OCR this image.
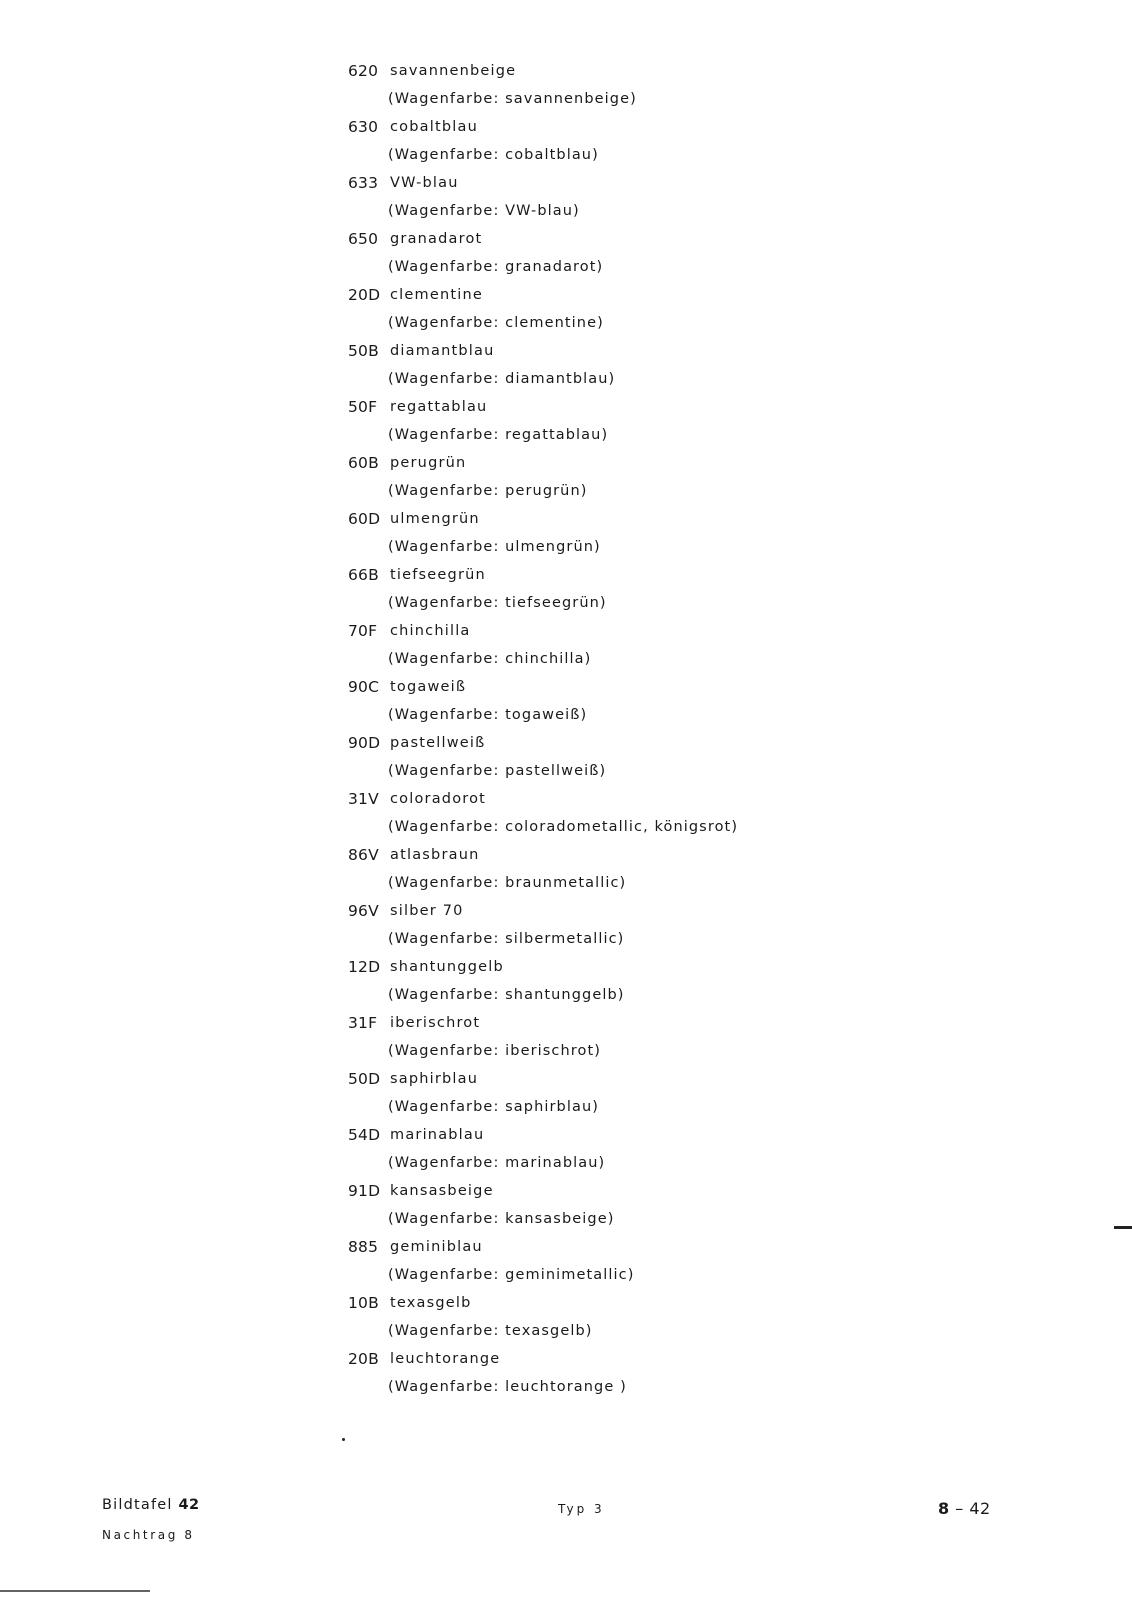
620 savannenbeige
(Wagenfarbe: savannenbeige)
630 cobaltblau
(Wagenfarbe: cobaltblau)
633 VW-blau
(Wagenfarbe: VW-blau)
650 granadarot
(Wagenfarbe: granadarot)
20D clementine
(Wagenfarbe: clementine)
50B diamantblau
(Wagenfarbe: diamantblau)
50F regattablau
(Wagenfarbe: regattablau)
60B perugrün
(Wagenfarbe: perugrün)
60D ulmengrün
(Wagenfarbe: ulmengrün)
66B tiefseegrün
(Wagenfarbe: tiefseegrün)
70F chinchilla
(Wagenfarbe: chinchilla)
90C togaweiß
(Wagenfarbe: togaweiß)
90D pastellweiß
(Wagenfarbe: pastellweiß)
31V coloradorot
(Wagenfarbe: coloradometallic, königsrot)
86V atlasbraun
(Wagenfarbe: braunmetallic)
96V silber 70
(Wagenfarbe: silbermetallic)
12D shantunggelb
(Wagenfarbe: shantunggelb)
31F iberischrot
(Wagenfarbe: iberischrot)
50D saphirblau
(Wagenfarbe: saphirblau)
54D marinablau
(Wagenfarbe: marinablau)
91D kansasbeige
(Wagenfarbe: kansasbeige)
885 geminiblau
(Wagenfarbe: geminimetallic)
10B texasgelb
(Wagenfarbe: texasgelb)
20B leuchtorange
(Wagenfarbe: leuchtorange )
Bildtafel 42
Nachtrag 8
Typ 3	8 – 42
